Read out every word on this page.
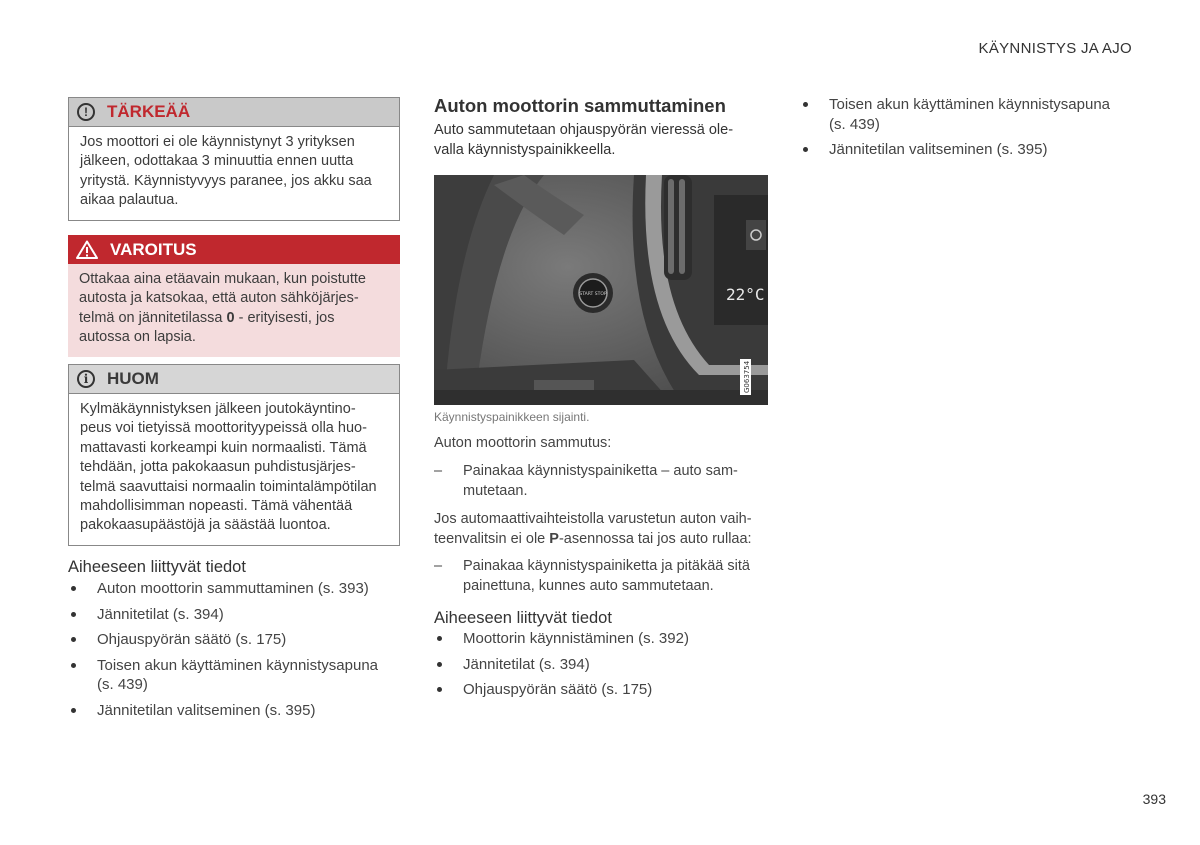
KÄYNNISTYS JA AJO
!	TÄRKEÄÄ
Jos moottori ei ole käynnistynyt 3 yrityksen
jälkeen, odottakaa 3 minuuttia ennen uutta
yritystä. Käynnistyvyys paranee, jos akku saa
aikaa palautua.
VAROITUS
Ottakaa aina etäavain mukaan, kun poistutte
autosta ja katsokaa, että auton sähköjärjes-
telmä on jännitetilassa 0 - erityisesti, jos
autossa on lapsia.
i	HUOM
Kylmäkäynnistyksen jälkeen joutokäyntino-
peus voi tietyissä moottorityypeissä olla huo-
mattavasti korkeampi kuin normaalisti. Tämä
tehdään, jotta pakokaasun puhdistusjärjes-
telmä saavuttaisi normaalin toimintalämpötilan
mahdollisimman nopeasti. Tämä vähentää
pakokaasupäästöjä ja säästää luontoa.
Aiheeseen liittyvät tiedot
Auton moottorin sammuttaminen (s. 393)
Jännitetilat (s. 394)
Ohjauspyörän säätö (s. 175)
Toisen akun käyttäminen käynnistysapuna
(s. 439)
Jännitetilan valitseminen (s. 395)
Auton moottorin sammuttaminen
Auto sammutetaan ohjauspyörän vieressä ole-
valla käynnistyspainikkeella.
22°C
START STOP
G063754
Käynnistyspainikkeen sijainti.
Auton moottorin sammutus:
– Painakaa käynnistyspainiketta – auto sam-
mutetaan.
Jos automaattivaihteistolla varustetun auton vaih-
teenvalitsin ei ole P-asennossa tai jos auto rullaa:
– Painakaa käynnistyspainiketta ja pitäkää sitä
painettuna, kunnes auto sammutetaan.
Aiheeseen liittyvät tiedot
Moottorin käynnistäminen (s. 392)
Jännitetilat (s. 394)
Ohjauspyörän säätö (s. 175)
Toisen akun käyttäminen käynnistysapuna
(s. 439)
Jännitetilan valitseminen (s. 395)
393
